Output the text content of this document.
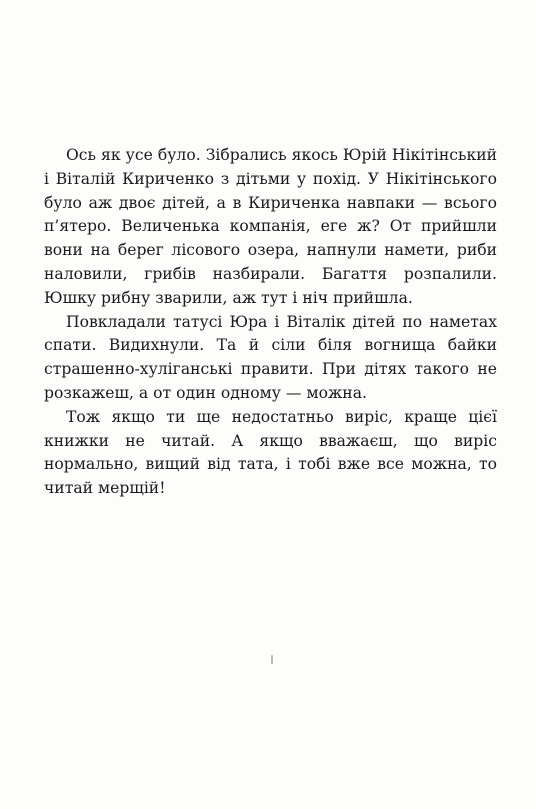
Ось як усе було. Зібрались якось Юрій Нікітінський і Віталій Кириченко з дітьми у похід. У Нікітінського було аж двоє дітей, а в Кириченка навпаки — всього п’ятеро. Величенька компанія, еге ж? От прийшли вони на берег лісового озера, напнули намети, риби наловили, грибів назбирали. Багаття розпалили. Юшку рибну зварили, аж тут і ніч прийшла.

Повкладали татусі Юра і Віталік дітей по наметах спати. Видихнули. Та й сіли біля вогнища байки страшенно-хуліганські правити. При дітях такого не розкажеш, а от один одному — можна.

Тож якщо ти ще недостатньо виріс, краще цієї книжки не читай. А якщо вважаєш, що виріс нормально, вищий від тата, і тобі вже все можна, то читай мерщій!
